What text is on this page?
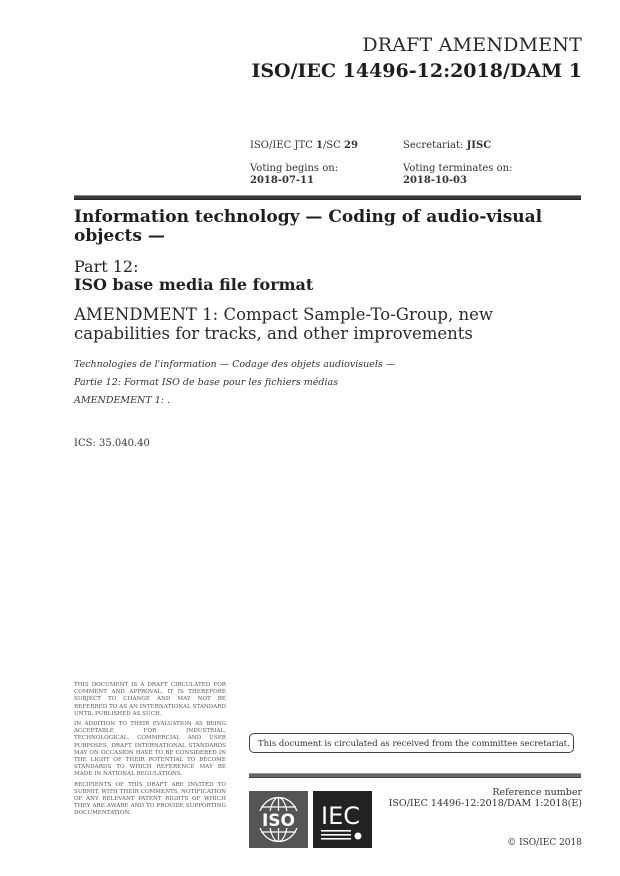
DRAFT AMENDMENT
ISO/IEC 14496-12:2018/DAM 1
ISO/IEC JTC 1/SC 29	Secretariat: JISC
Voting begins on:
2018-07-11
Voting terminates on:
2018-10-03
Information technology — Coding of audio-visual objects —
Part 12:
ISO base media file format
AMENDMENT 1: Compact Sample-To-Group, new capabilities for tracks, and other improvements
Technologies de l'information — Codage des objets audiovisuels —
Partie 12: Format ISO de base pour les fichiers médias
AMENDEMENT 1: .
ICS: 35.040.40

THIS DOCUMENT IS A DRAFT CIRCULATED FOR COMMENT AND APPROVAL. IT IS THEREFORE SUBJECT TO CHANGE AND MAY NOT BE REFERRED TO AS AN INTERNATIONAL STANDARD UNTIL PUBLISHED AS SUCH.

IN ADDITION TO THEIR EVALUATION AS BEING ACCEPTABLE FOR INDUSTRIAL, TECHNOLOGICAL, COMMERCIAL AND USER PURPOSES, DRAFT INTERNATIONAL STANDARDS MAY ON OCCASION HAVE TO BE CONSIDERED IN THE LIGHT OF THEIR POTENTIAL TO BECOME STANDARDS TO WHICH REFERENCE MAY BE MADE IN NATIONAL REGULATIONS.

RECIPIENTS OF THIS DRAFT ARE INVITED TO SUBMIT, WITH THEIR COMMENTS, NOTIFICATION OF ANY RELEVANT PATENT RIGHTS OF WHICH THEY ARE AWARE AND TO PROVIDE SUPPORTING DOCUMENTATION.

This document is circulated as received from the committee secretariat.
ISO IEC
Reference number
ISO/IEC 14496-12:2018/DAM 1:2018(E)
© ISO/IEC 2018
